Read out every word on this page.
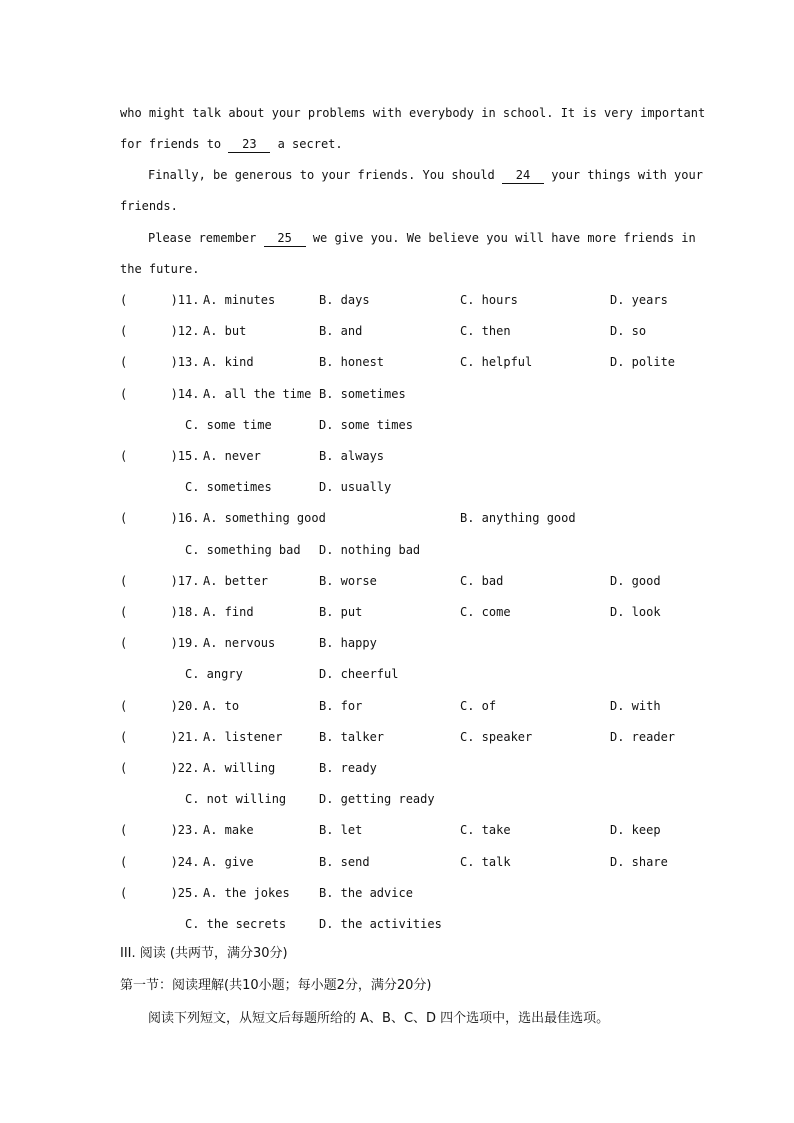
who might talk about your problems with everybody in school. It is very important
for friends to 23 a secret.
Finally, be generous to your friends. You should 24 your things with your
friends.
Please remember 25 we give you. We believe you will have more friends in
the future.
(      )11. A. minutes	B. days	C. hours	D. years
(      )12. A. but	B. and	C. then	D. so
(      )13. A. kind	B. honest	C. helpful	D. polite
(      )14. A. all the time B. sometimes
C. some time	D. some times
(      )15. A. never	B. always
C. sometimes	D. usually
(      )16. A. something good	B. anything good
C. something bad D. nothing bad
(      )17. A. better	B. worse	C. bad	D. good
(      )18. A. find	B. put	C. come	D. look
(      )19. A. nervous	B. happy
C. angry	D. cheerful
(      )20. A. to	B. for	C. of	D. with
(      )21. A. listener	B. talker	C. speaker	D. reader
(      )22. A. willing	B. ready
C. not willing	D. getting ready
(      )23. A. make	B. let	C. take	D. keep
(      )24. A. give	B. send	C. talk	D. share
(      )25. A. the jokes B. the advice
C. the secrets	D. the activities
III. 阅读 (共两节，满分30分)
第一节：阅读理解(共10小题；每小题2分，满分20分)
阅读下列短文，从短文后每题所给的 A、B、C、D 四个选项中，选出最佳选项。
